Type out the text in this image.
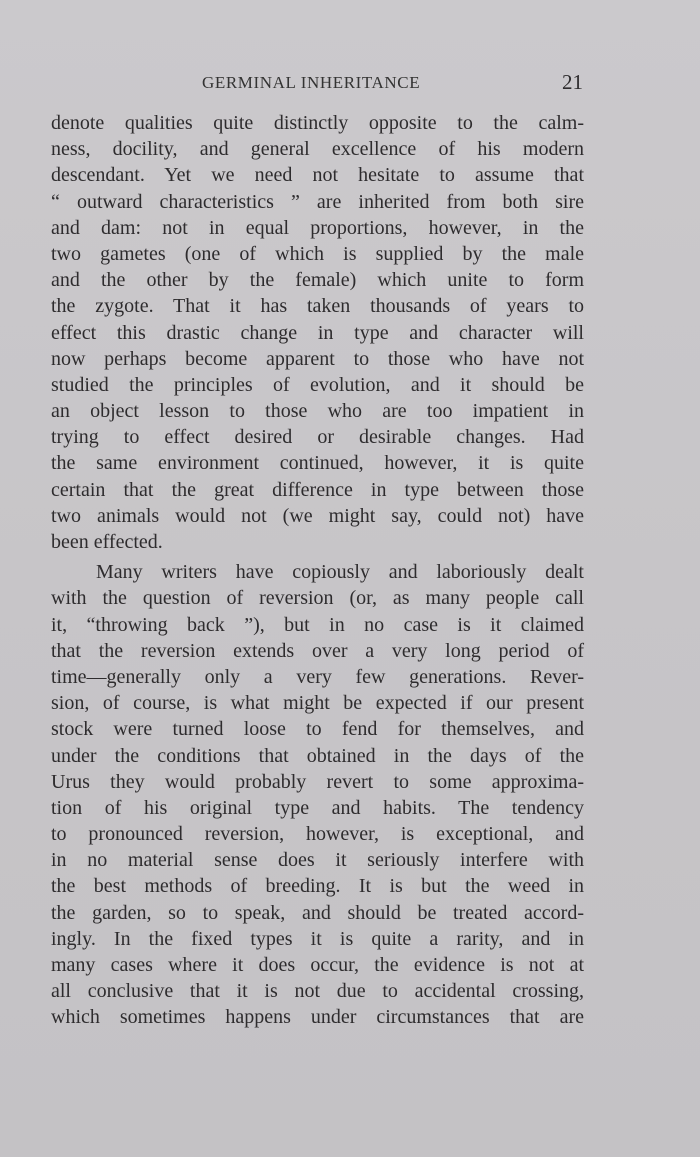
GERMINAL INHERITANCE	21
denote qualities quite distinctly opposite to the calm-
ness, docility, and general excellence of his modern
descendant. Yet we need not hesitate to assume that
“ outward characteristics ” are inherited from both sire
and dam: not in equal proportions, however, in the
two gametes (one of which is supplied by the male
and the other by the female) which unite to form
the zygote. That it has taken thousands of years to
effect this drastic change in type and character will
now perhaps become apparent to those who have not
studied the principles of evolution, and it should be
an object lesson to those who are too impatient in
trying to effect desired or desirable changes. Had
the same environment continued, however, it is quite
certain that the great difference in type between those
two animals would not (we might say, could not) have
been effected.
Many writers have copiously and laboriously dealt
with the question of reversion (or, as many people call
it, “throwing back ”), but in no case is it claimed
that the reversion extends over a very long period of
time—generally only a very few generations. Rever-
sion, of course, is what might be expected if our present
stock were turned loose to fend for themselves, and
under the conditions that obtained in the days of the
Urus they would probably revert to some approxima-
tion of his original type and habits. The tendency
to pronounced reversion, however, is exceptional, and
in no material sense does it seriously interfere with
the best methods of breeding. It is but the weed in
the garden, so to speak, and should be treated accord-
ingly. In the fixed types it is quite a rarity, and in
many cases where it does occur, the evidence is not at
all conclusive that it is not due to accidental crossing,
which sometimes happens under circumstances that are
